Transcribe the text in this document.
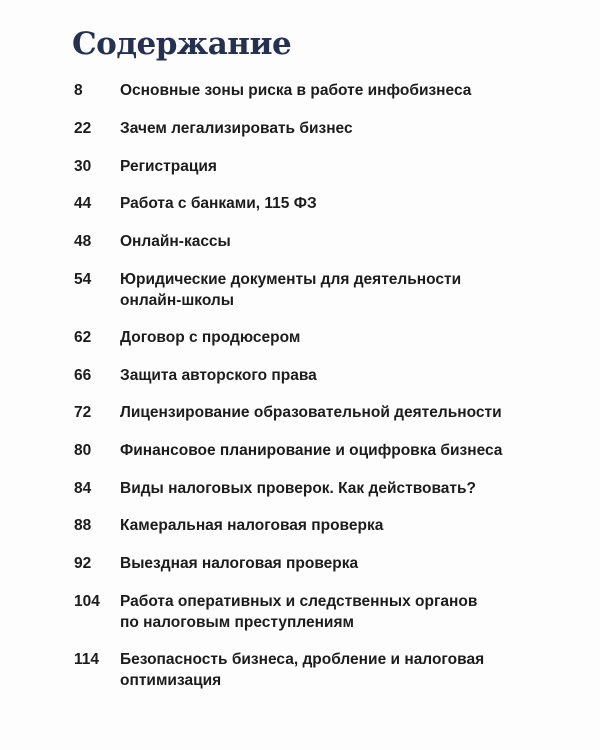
Содержание
8	Основные зоны риска в работе инфобизнеса
22	Зачем легализировать бизнес
30	Регистрация
44	Работа с банками, 115 ФЗ
48	Онлайн-кассы
54	Юридические документы для деятельности
онлайн-школы
62	Договор с продюсером
66	Защита авторского права
72	Лицензирование образовательной деятельности
80	Финансовое планирование и оцифровка бизнеса
84	Виды налоговых проверок. Как действовать?
88	Камеральная налоговая проверка
92	Выездная налоговая проверка
104	Работа оперативных и следственных органов
по налоговым преступлениям
114	Безопасность бизнеса, дробление и налоговая
оптимизация
